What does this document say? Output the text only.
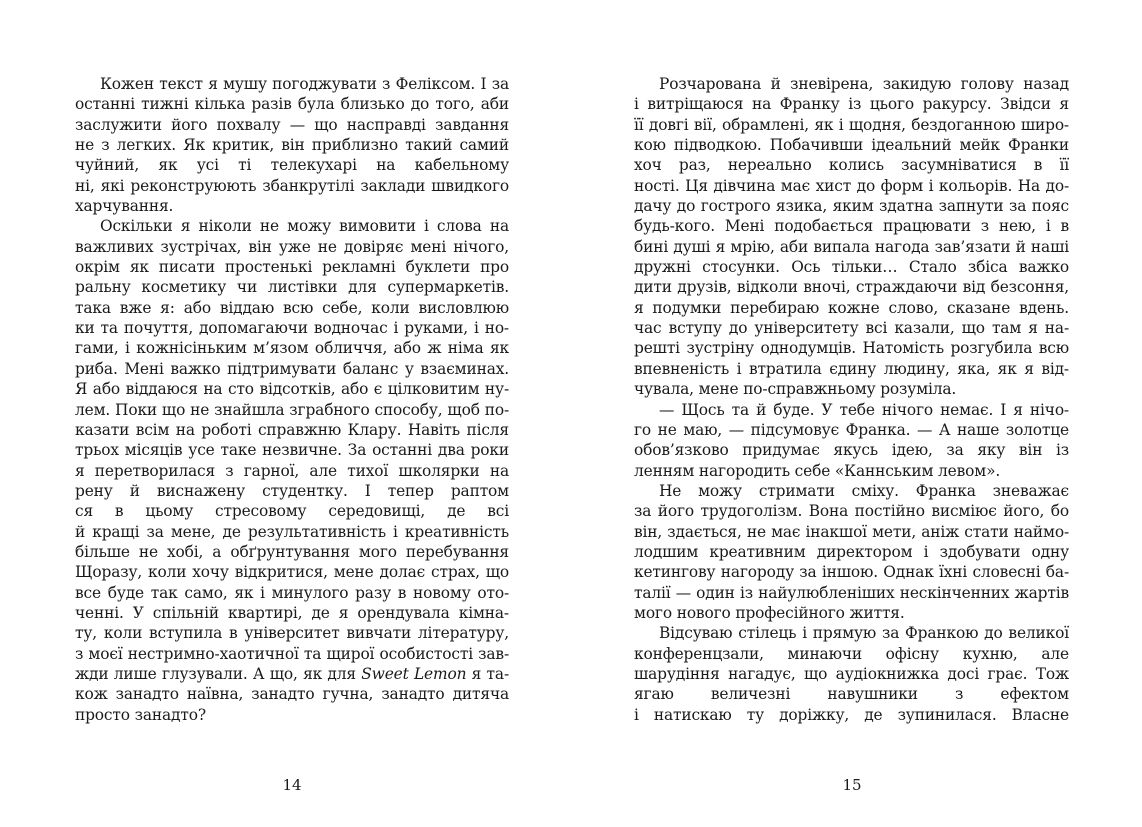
Кожен текст я мушу погоджувати з Феліксом. І за
останні тижні кілька разів була близько до того, аби
заслужити його похвалу — що насправді завдання
не з легких. Як критик, він приблизно такий самий
чуйний, як усі ті телекухарі на кабельному
ні, які реконструюють збанкрутілі заклади швидкого
харчування.
Оскільки я ніколи не можу вимовити і слова на
важливих зустрічах, він уже не довіряє мені нічого,
окрім як писати простенькі рекламні буклети про
ральну косметику чи листівки для супермаркетів.
така вже я: або віддаю всю себе, коли висловлюю
ки та почуття, допомагаючи водночас і руками, і но-
гами, і кожнісіньким м’язом обличчя, або ж німа як
риба. Мені важко підтримувати баланс у взаєминах.
Я або віддаюся на сто відсотків, або є цілковитим ну-
лем. Поки що не знайшла зграбного способу, щоб по-
казати всім на роботі справжню Клару. Навіть після
трьох місяців усе таке незвичне. За останні два роки
я перетворилася з гарної, але тихої школярки на
рену й виснажену студентку. І тепер раптом
ся в цьому стресовому середовищі, де всі
й кращі за мене, де результативність і креативність
більше не хобі, а обґрунтування мого перебування
Щоразу, коли хочу відкритися, мене долає страх, що
все буде так само, як і минулого разу в новому ото-
ченні. У спільній квартирі, де я орендувала кімна-
ту, коли вступила в університет вивчати літературу,
з моєї нестримно-хаотичної та щирої особистості зав-
жди лише глузували. А що, як для Sweet Lemon я та-
кож занадто наївна, занадто гучна, занадто дитяча
просто занадто?
14
Розчарована й зневірена, закидую голову назад
і витріщаюся на Франку із цього ракурсу. Звідси я
її довгі вії, обрамлені, як і щодня, бездоганною широ-
кою підводкою. Побачивши ідеальний мейк Франки
хоч раз, нереально колись засумніватися в її
ності. Ця дівчина має хист до форм і кольорів. На до-
дачу до гострого язика, яким здатна запнути за пояс
будь-кого. Мені подобається працювати з нею, і в
бині душі я мрію, аби випала нагода зав’язати й наші
дружні стосунки. Ось тільки… Стало збіса важко
дити друзів, відколи вночі, страждаючи від безсоння,
я подумки перебираю кожне слово, сказане вдень.
час вступу до університету всі казали, що там я на-
решті зустріну однодумців. Натомість розгубила всю
впевненість і втратила єдину людину, яка, як я від-
чувала, мене по-справжньому розуміла.
— Щось та й буде. У тебе нічого немає. І я нічо-
го не маю, — підсумовує Франка. — А наше золотце
обов’язково придумає якусь ідею, за яку він із
ленням нагородить себе «Каннським левом».
Не можу стримати сміху. Франка зневажає
за його трудоголізм. Вона постійно висміює його, бо
він, здається, не має інакшої мети, аніж стати наймо-
лодшим креативним директором і здобувати одну
кетингову нагороду за іншою. Однак їхні словесні ба-
талії — один із найулюбленіших нескінченних жартів
мого нового професійного життя.
Відсуваю стілець і прямую за Франкою до великої
конференцзали, минаючи офісну кухню, але
шарудіння нагадує, що аудіокнижка досі грає. Тож
ягаю величезні навушники з ефектом
і натискаю ту доріжку, де зупинилася. Власне
15
